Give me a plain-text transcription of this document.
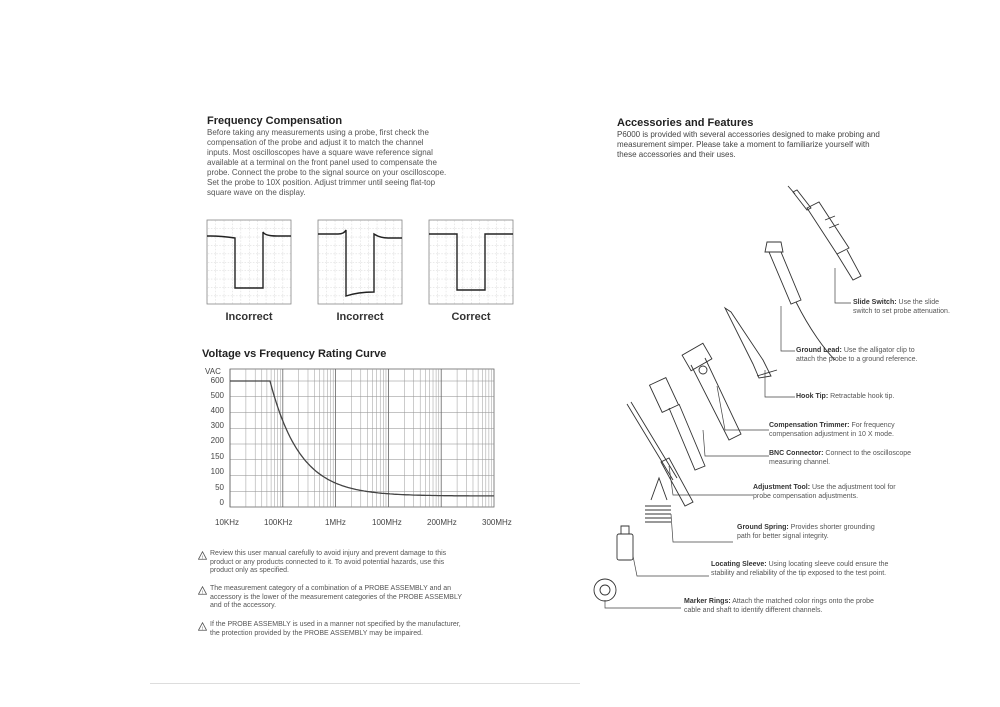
Frequency Compensation
Before taking any measurements using a probe, first check the
compensation of the probe and adjust it to match the channel
inputs. Most oscilloscopes have a square wave reference signal
available at a terminal on the front panel used to compensate the
probe. Connect the probe to the signal source on your oscilloscope.
Set the probe to 10X position. Adjust trimmer until seeing flat-top
square wave on the display.
Incorrect	Incorrect	Correct
Voltage vs Frequency Rating Curve
VAC
600
500
400
300
200
150
100
50
0
10KHz	100KHz	1MHz	100MHz	200MHz	300MHz
!
Review this user manual carefully to avoid injury and prevent damage to this
product or any products connected to it. To avoid potential hazards, use this
product only as specified.
!
The measurement category of a combination of a PROBE ASSEMBLY and an
accessory is the lower of the measurement categories of the PROBE ASSEMBLY
and of the accessory.
!
If the PROBE ASSEMBLY is used in a manner not specified by the manufacturer,
the protection provided by the PROBE ASSEMBLY may be impaired.
Accessories and Features
P6000 is provided with several accessories designed to make probing and
measurement simper. Please take a moment to familiarize yourself with
these accessories and their uses.
Slide Switch: Use the slide
switch to set probe attenuation.
Ground Lead: Use the alligator clip to
attach the probe to a ground reference.
Hook Tip: Retractable hook tip.
Compensation Trimmer: For frequency
compensation adjustment in 10 X mode.
BNC Connector: Connect to the oscilloscope
measuring channel.
Adjustment Tool: Use the adjustment tool for
probe compensation adjustments.
Ground Spring: Provides shorter grounding
path for better signal integrity.
Locating Sleeve: Using locating sleeve could ensure the
stability and reliability of the tip exposed to the test point.
Marker Rings: Attach the matched color rings onto the probe
cable and shaft to identify different channels.
